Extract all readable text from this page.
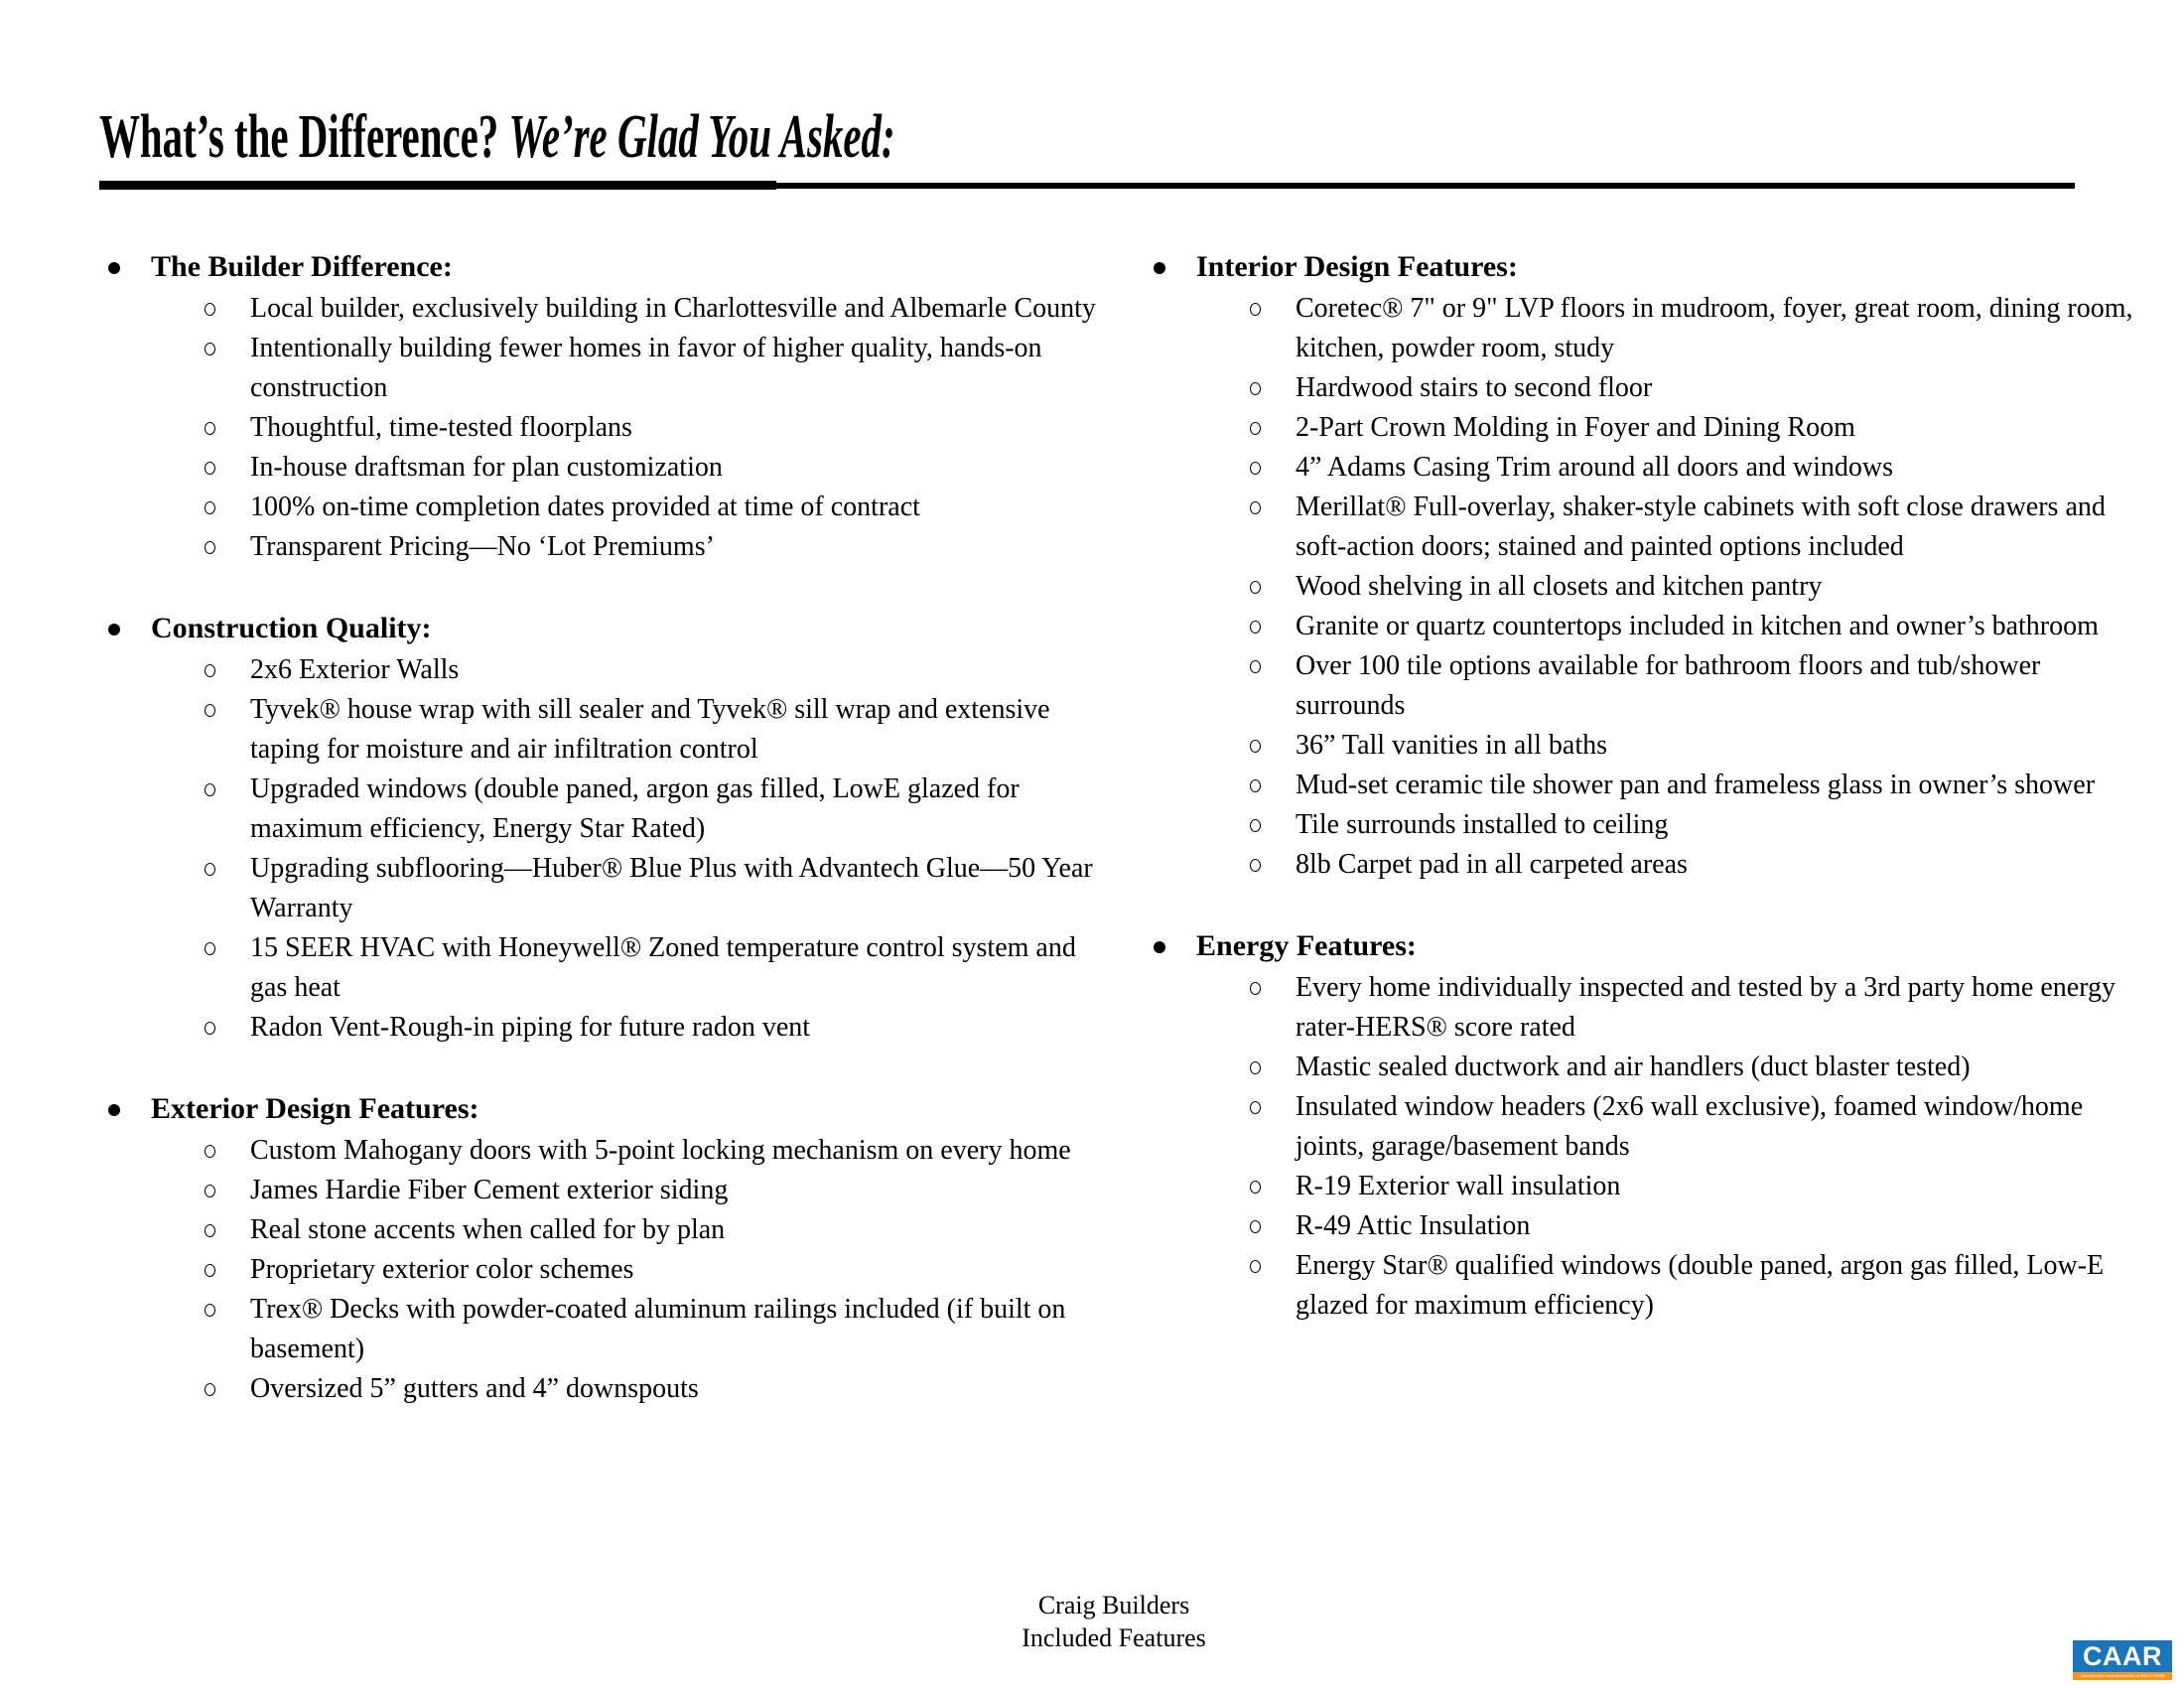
What’s the Difference? We’re Glad You Asked:
The Builder Difference:
Local builder, exclusively building in Charlottesville and Albemarle County
Intentionally building fewer homes in favor of higher quality, hands-on construction
Thoughtful, time-tested floorplans
In-house draftsman for plan customization
100% on-time completion dates provided at time of contract
Transparent Pricing—No ‘Lot Premiums’
Construction Quality:
2x6 Exterior Walls
Tyvek® house wrap with sill sealer and Tyvek® sill wrap and extensive taping for moisture and air infiltration control
Upgraded windows (double paned, argon gas filled, LowE glazed for maximum efficiency, Energy Star Rated)
Upgrading subflooring—Huber® Blue Plus with Advantech Glue—50 Year Warranty
15 SEER HVAC with Honeywell® Zoned temperature control system and gas heat
Radon Vent-Rough-in piping for future radon vent
Exterior Design Features:
Custom Mahogany doors with 5-point locking mechanism on every home
James Hardie Fiber Cement exterior siding
Real stone accents when called for by plan
Proprietary exterior color schemes
Trex® Decks with powder-coated aluminum railings included (if built on basement)
Oversized 5” gutters and 4” downspouts
Interior Design Features:
Coretec® 7" or 9" LVP floors in mudroom, foyer, great room, dining room, kitchen, powder room, study
Hardwood stairs to second floor
2-Part Crown Molding in Foyer and Dining Room
4” Adams Casing Trim around all doors and windows
Merillat® Full-overlay, shaker-style cabinets with soft close drawers and soft-action doors; stained and painted options included
Wood shelving in all closets and kitchen pantry
Granite or quartz countertops included in kitchen and owner’s bathroom
Over 100 tile options available for bathroom floors and tub/shower surrounds
36” Tall vanities in all baths
Mud-set ceramic tile shower pan and frameless glass in owner’s shower
Tile surrounds installed to ceiling
8lb Carpet pad in all carpeted areas
Energy Features:
Every home individually inspected and tested by a 3rd party home energy rater-HERS® score rated
Mastic sealed ductwork and air handlers (duct blaster tested)
Insulated window headers (2x6 wall exclusive), foamed window/home joints, garage/basement bands
R-19 Exterior wall insulation
R-49 Attic Insulation
Energy Star® qualified windows (double paned, argon gas filled, Low-E glazed for maximum efficiency)
Craig Builders
Included Features
CAAR
Charlottesville Area Association of REALTORS®
